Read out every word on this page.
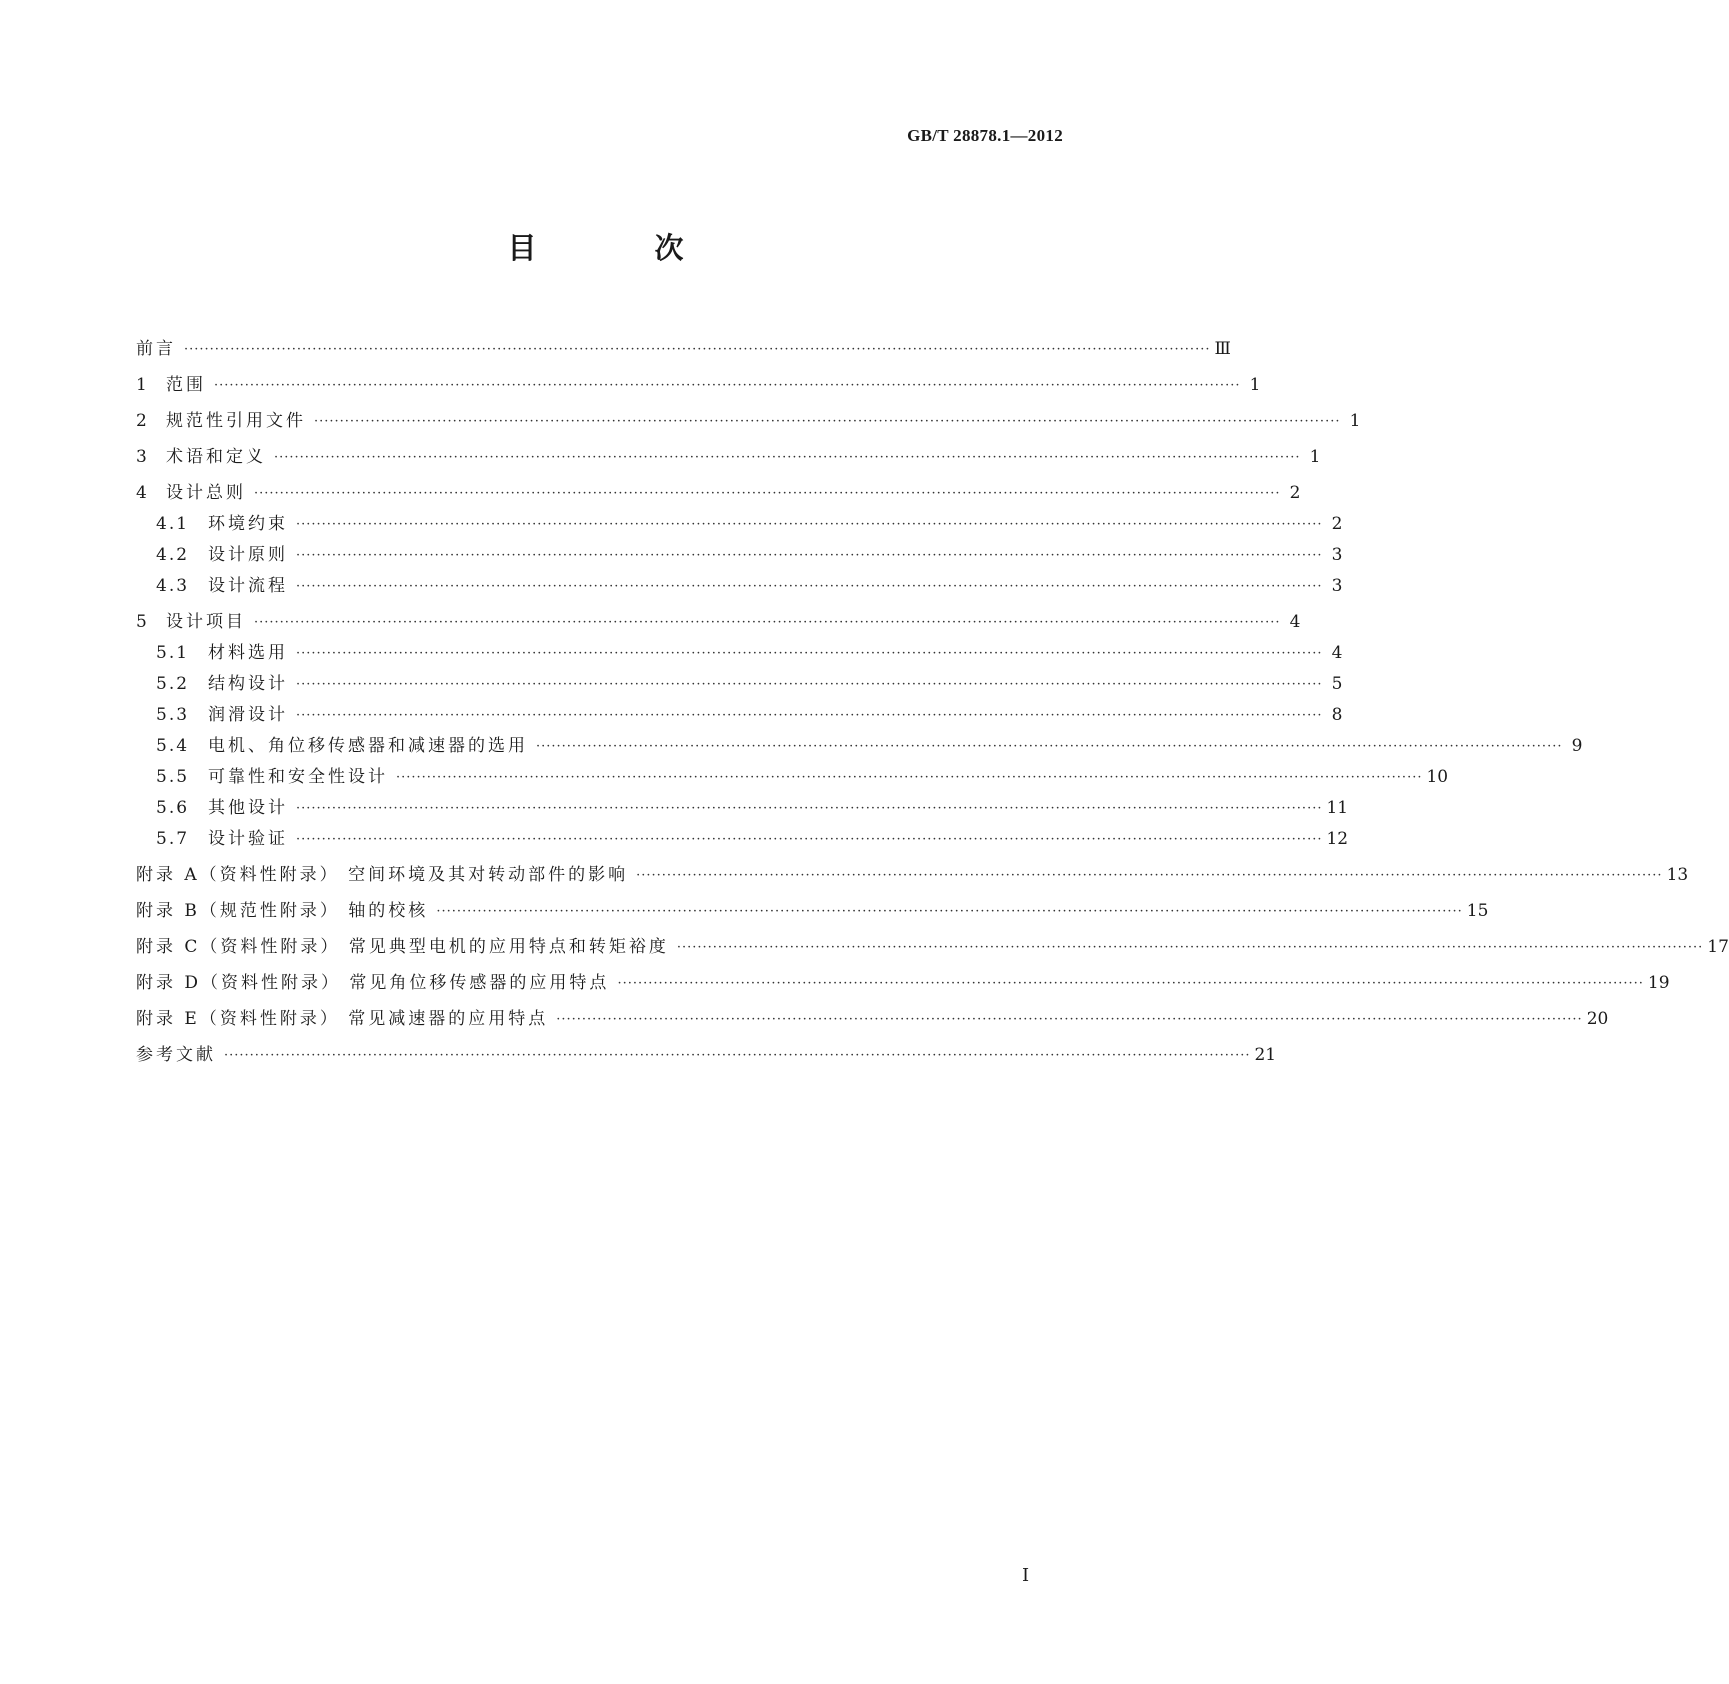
GB/T 28878.1—2012
目 次
前言 ········································································································································································································ Ⅲ
1	范围 ········································································································································································································ 1
2	规范性引用文件 ········································································································································································································ 1
3	术语和定义 ········································································································································································································ 1
4	设计总则 ········································································································································································································ 2
4.1	环境约束 ········································································································································································································ 2
4.2	设计原则 ········································································································································································································ 3
4.3	设计流程 ········································································································································································································ 3
5	设计项目 ········································································································································································································ 4
5.1	材料选用 ········································································································································································································ 4
5.2	结构设计 ········································································································································································································ 5
5.3	润滑设计 ········································································································································································································ 8
5.4	电机、角位移传感器和减速器的选用 ········································································································································································································ 9
5.5	可靠性和安全性设计 ········································································································································································································ 10
5.6	其他设计 ········································································································································································································ 11
5.7	设计验证 ········································································································································································································ 12
附录 A（资料性附录） 空间环境及其对转动部件的影响 ········································································································································································································ 13
附录 B（规范性附录） 轴的校核 ········································································································································································································ 15
附录 C（资料性附录） 常见典型电机的应用特点和转矩裕度 ········································································································································································································ 17
附录 D（资料性附录） 常见角位移传感器的应用特点 ········································································································································································································ 19
附录 E（资料性附录） 常见减速器的应用特点 ········································································································································································································ 20
参考文献 ········································································································································································································ 21
I
